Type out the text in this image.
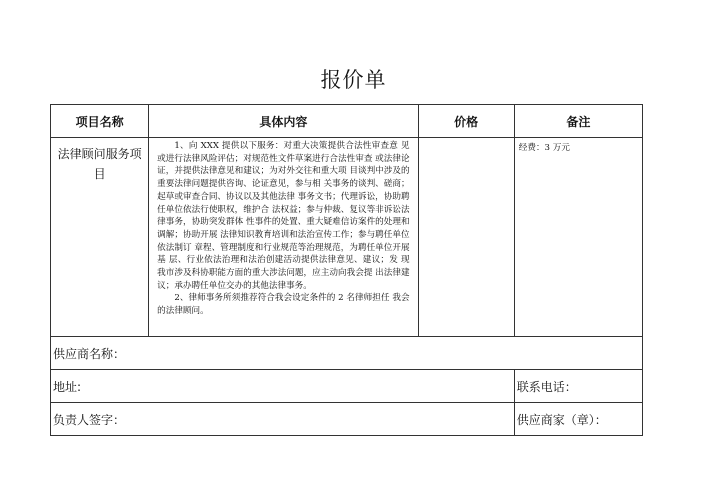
报价单
项目名称	具体内容	价格	备注
法律顾问服务项目	1、向 XXX 提供以下服务：对重大决策提供合法性审查意 见或进行法律风险评估；对规范性文件草案进行合法性审查 或法律论证，并提供法律意见和建议；为对外交往和重大项 目谈判中涉及的重要法律问题提供咨询、论证意见，参与相 关事务的谈判、磋商；起草或审查合同、协议以及其他法律 事务文书；代理诉讼，协助聘任单位依法行使职权，维护合 法权益；参与仲裁、复议等非诉讼法律事务，协助突发群体 性事件的处置、重大疑难信访案件的处理和调解；协助开展 法律知识教育培训和法治宣传工作；参与聘任单位依法制订 章程、管理制度和行业规范等治理规范，为聘任单位开展基 层、行业依法治理和法治创建活动提供法律意见、建议；发 现我市涉及科协职能方面的重大涉法问题，应主动向我会提 出法律建议；承办聘任单位交办的其他法律事务。

2、律师事务所须推荐符合我会设定条件的 2 名律师担任 我会的法律顾问。		经费：3 万元
供应商名称：			
地址:			联系电话：
负责人签字：			供应商家（章）：
